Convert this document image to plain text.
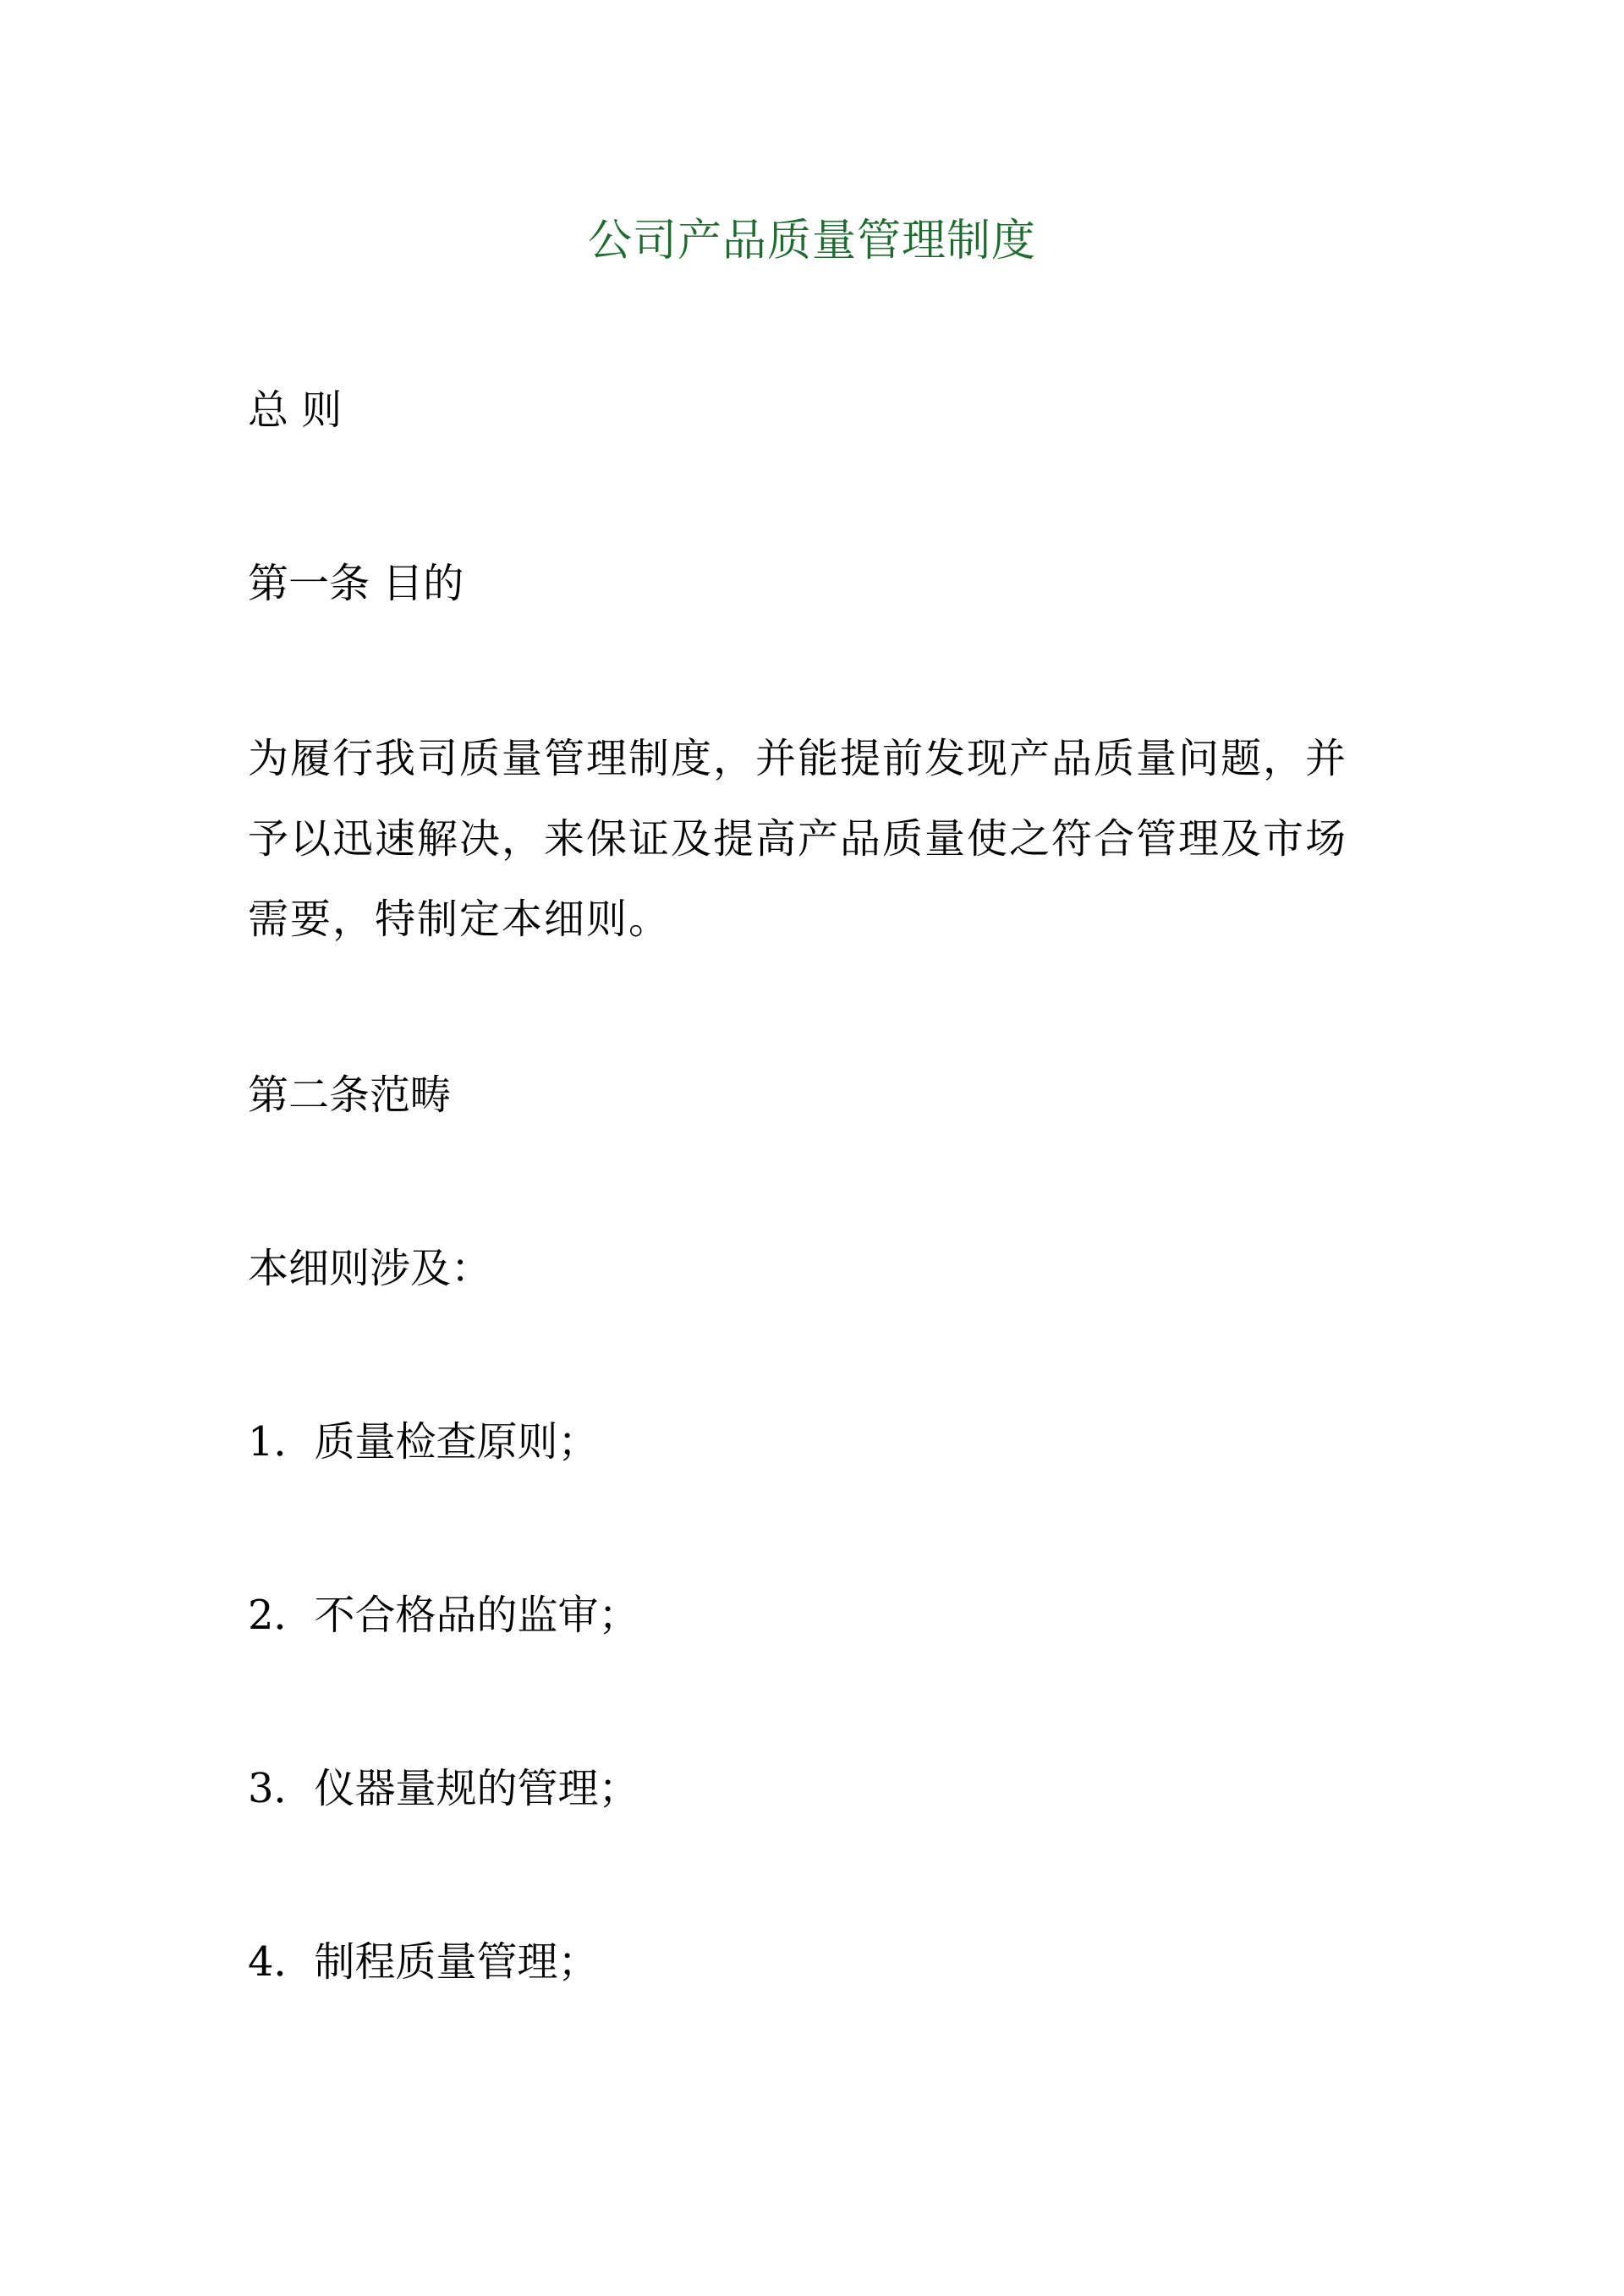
公司产品质量管理制度
总 则
第一条 目的
为履行我司质量管理制度，并能提前发现产品质量问题，并
予以迅速解决，来保证及提高产品质量使之符合管理及市场
需要，特制定本细则。
第二条范畴
本细则涉及：
1．质量检查原则；
2．不合格品的监审；
3．仪器量规的管理；
4．制程质量管理；
